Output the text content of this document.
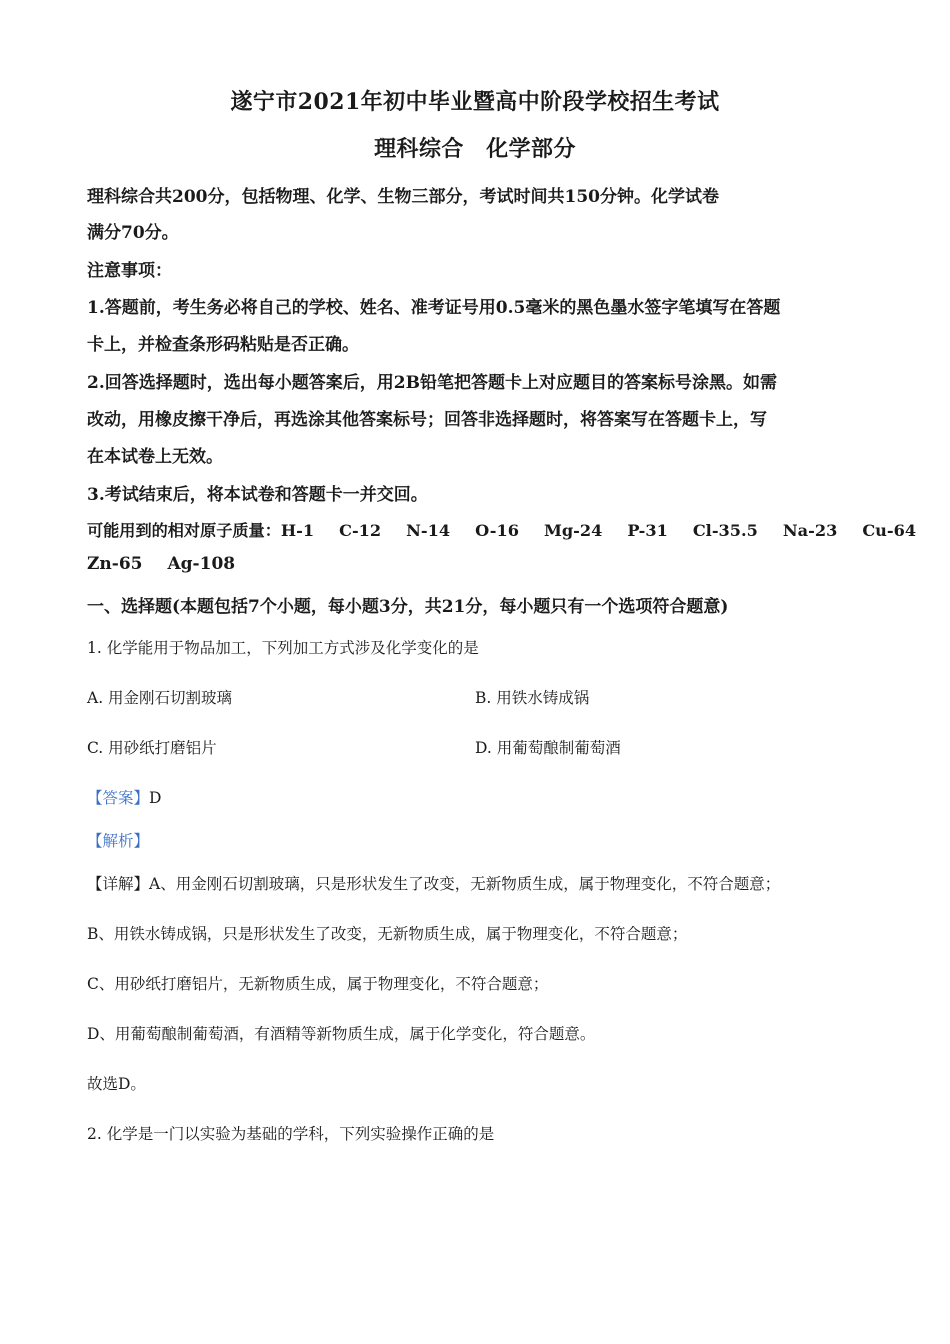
遂宁市2021年初中毕业暨高中阶段学校招生考试
理科综合　化学部分
理科综合共200分，包括物理、化学、生物三部分，考试时间共150分钟。化学试卷
满分70分。
注意事项：
1.答题前，考生务必将自己的学校、姓名、准考证号用0.5毫米的黑色墨水签字笔填写在答题
卡上，并检查条形码粘贴是否正确。
2.回答选择题时，选出每小题答案后，用2B铅笔把答题卡上对应题目的答案标号涂黑。如需
改动，用橡皮擦干净后，再选涂其他答案标号；回答非选择题时，将答案写在答题卡上，写
在本试卷上无效。
3.考试结束后，将本试卷和答题卡一并交回。
可能用到的相对原子质量：H-1 C-12 N-14 O-16 Mg-24 P-31 Cl-35.5 Na-23 Cu-64
Zn-65 Ag-108
一、选择题(本题包括7个小题，每小题3分，共21分，每小题只有一个选项符合题意)
1. 化学能用于物品加工，下列加工方式涉及化学变化的是
A. 用金刚石切割玻璃	B. 用铁水铸成锅
C. 用砂纸打磨铝片	D. 用葡萄酿制葡萄酒
【答案】D
【解析】
【详解】A、用金刚石切割玻璃，只是形状发生了改变，无新物质生成，属于物理变化，不符合题意；
B、用铁水铸成锅，只是形状发生了改变，无新物质生成，属于物理变化，不符合题意；
C、用砂纸打磨铝片，无新物质生成，属于物理变化，不符合题意；
D、用葡萄酿制葡萄酒，有酒精等新物质生成，属于化学变化，符合题意。
故选D。
2. 化学是一门以实验为基础的学科，下列实验操作正确的是
